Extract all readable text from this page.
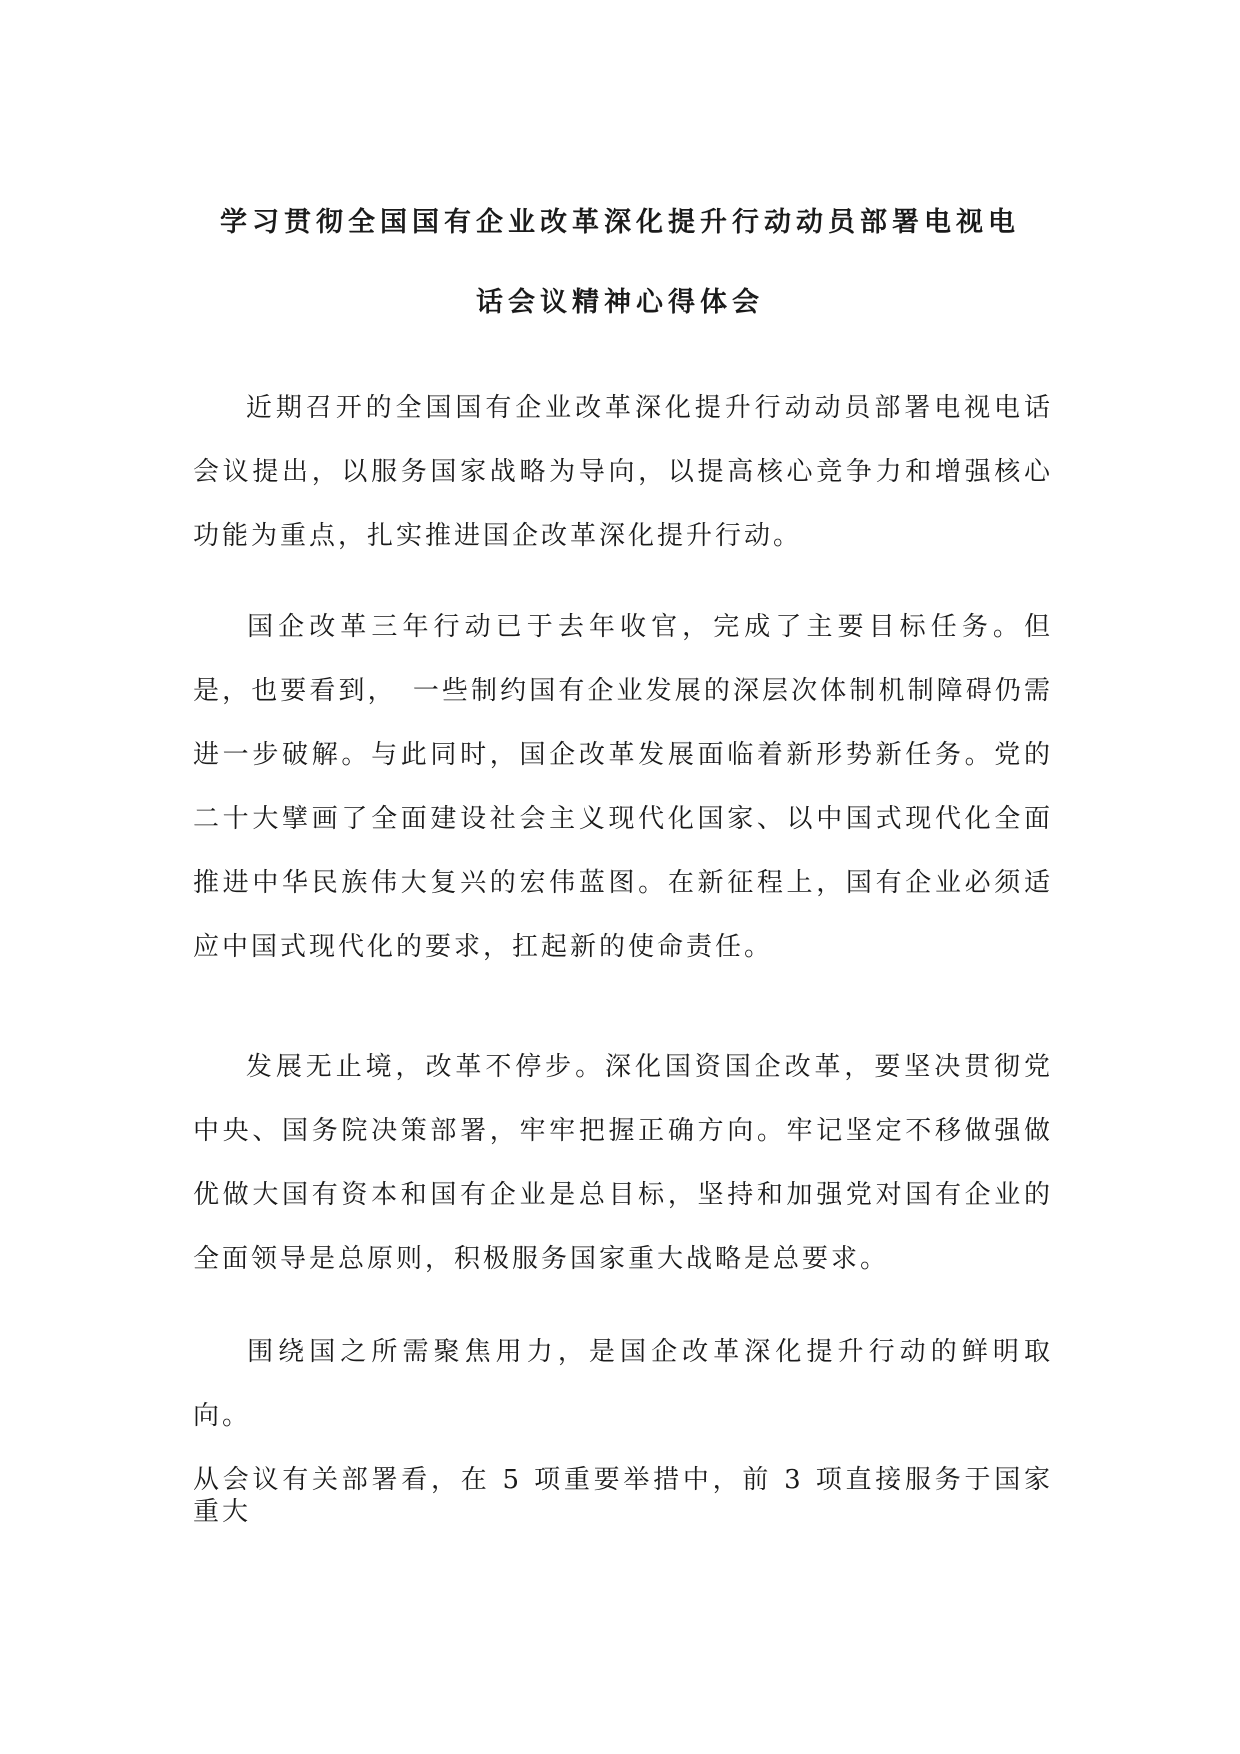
学习贯彻全国国有企业改革深化提升行动动员部署电视电
话会议精神心得体会

近期召开的全国国有企业改革深化提升行动动员部署电视电话会议提出，以服务国家战略为导向，以提高核心竞争力和增强核心功能为重点，扎实推进国企改革深化提升行动。

国企改革三年行动已于去年收官，完成了主要目标任务。但是，也要看到，　一些制约国有企业发展的深层次体制机制障碍仍需进一步破解。与此同时，国企改革发展面临着新形势新任务。党的二十大擘画了全面建设社会主义现代化国家、以中国式现代化全面推进中华民族伟大复兴的宏伟蓝图。在新征程上，国有企业必须适应中国式现代化的要求，扛起新的使命责任。

发展无止境，改革不停步。深化国资国企改革，要坚决贯彻党中央、国务院决策部署，牢牢把握正确方向。牢记坚定不移做强做优做大国有资本和国有企业是总目标，坚持和加强党对国有企业的全面领导是总原则，积极服务国家重大战略是总要求。

围绕国之所需聚焦用力，是国企改革深化提升行动的鲜明取向。
从会议有关部署看，在 5 项重要举措中，前 3 项直接服务于国家重大
